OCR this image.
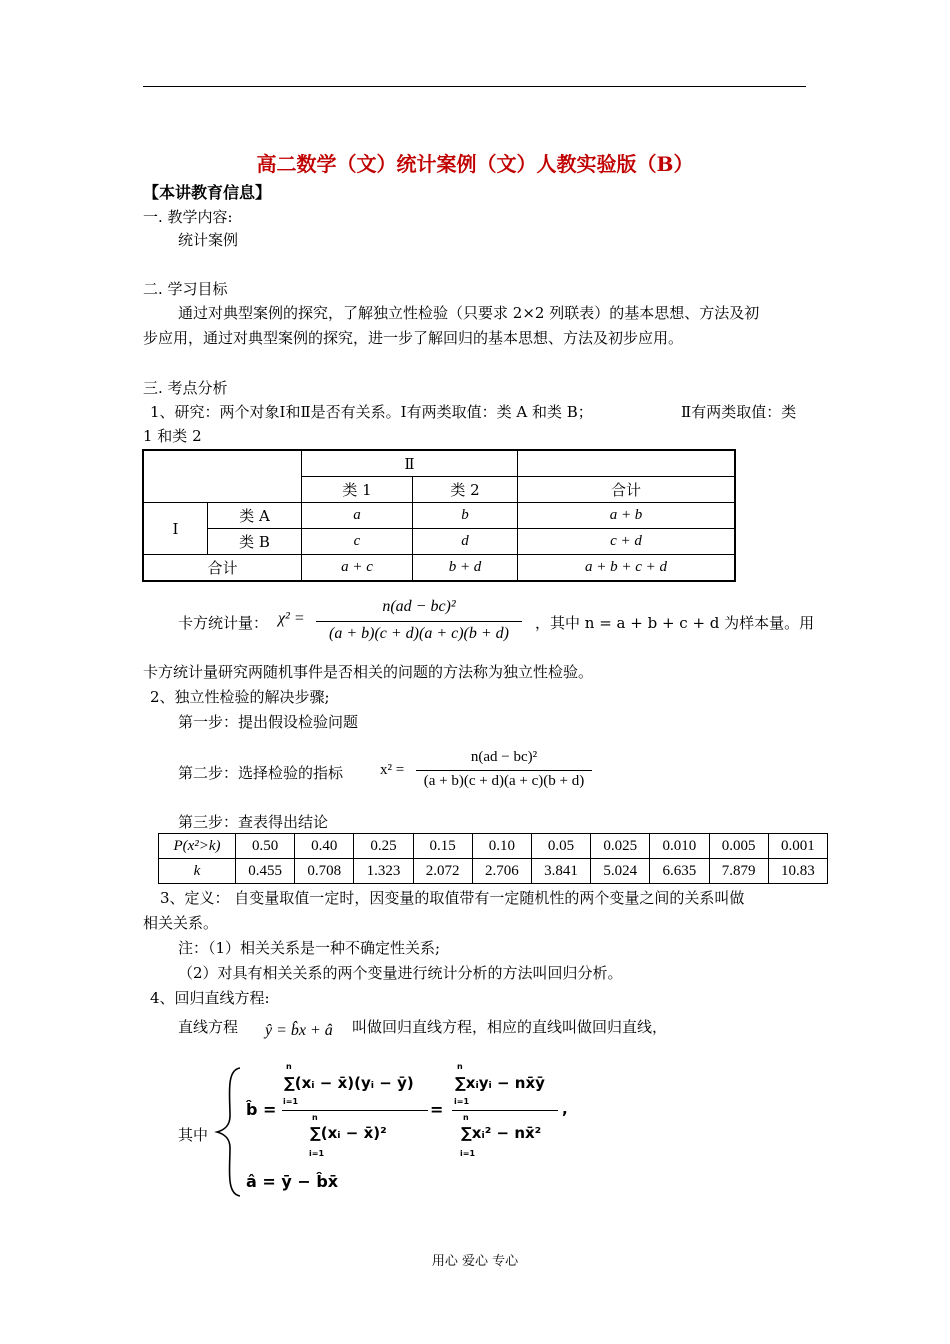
高二数学（文）统计案例（文）人教实验版（B）
【本讲教育信息】
一. 教学内容:
统计案例
二. 学习目标
通过对典型案例的探究，了解独立性检验（只要求 2×2 列联表）的基本思想、方法及初
步应用，通过对典型案例的探究，进一步了解回归的基本思想、方法及初步应用。
三. 考点分析
1、研究：两个对象Ⅰ和Ⅱ是否有关系。Ⅰ有两类取值：类 A 和类 B；	Ⅱ有两类取值：类
1 和类 2
		Ⅱ		
		类 1	类 2	合计
Ⅰ	类 A	a	b	a + b
	类 B	c	d	c + d
合计		a + c	b + d	a + b + c + d
卡方统计量： χ² =
n(ad − bc)²
(a + b)(c + d)(a + c)(b + d)
，其中 n = a + b + c + d 为样本量。用
卡方统计量研究两随机事件是否相关的问题的方法称为独立性检验。
2、独立性检验的解决步骤;
第一步：提出假设检验问题
第二步：选择检验的指标 x² =
n(ad − bc)²
(a + b)(c + d)(a + c)(b + d)
第三步：查表得出结论
P(x²>k)	0.50	0.40	0.25	0.15	0.10	0.05	0.025	0.010	0.005	0.001
k	0.455	0.708	1.323	2.072	2.706	3.841	5.024	6.635	7.879	10.83
3、定义： 自变量取值一定时，因变量的取值带有一定随机性的两个变量之间的关系叫做
相关关系。
注：（1）相关关系是一种不确定性关系;
（2）对具有相关关系的两个变量进行统计分析的方法叫回归分析。
4、回归直线方程:
直线方程 ŷ = b̂x + â 叫做回归直线方程，相应的直线叫做回归直线，
其中
b̂ =
n
∑(xᵢ − x̄)(yᵢ − ȳ)
i=1
n
∑(xᵢ − x̄)²
i=1
=
n
∑xᵢyᵢ − nx̄ȳ
i=1
n
∑xᵢ² − nx̄²
i=1
,
â = ȳ − b̂x̄
用心 爱心 专心
